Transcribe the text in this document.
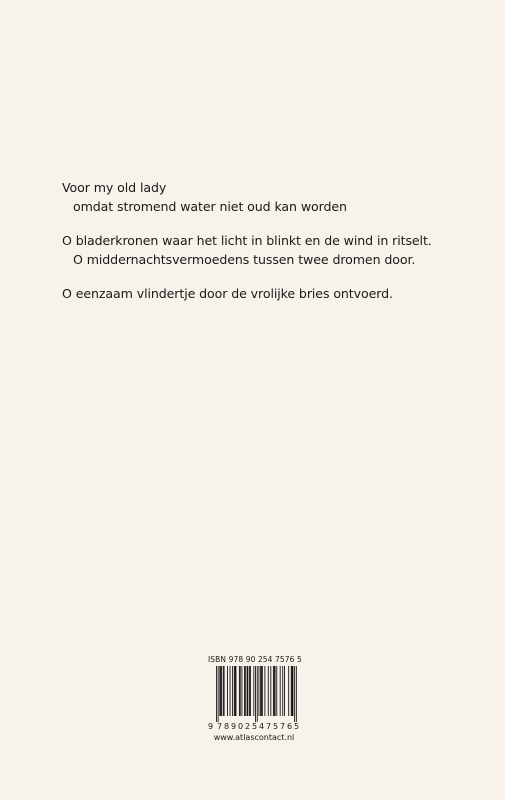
Voor my old lady
omdat stromend water niet oud kan worden
O bladerkronen waar het licht in blinkt en de wind in ritselt.
O middernachtsvermoedens tussen twee dromen door.
O eenzaam vlindertje door de vrolijke bries ontvoerd.
ISBN 978 90 254 7576 5
9 789025 475765
www.atlascontact.nl
